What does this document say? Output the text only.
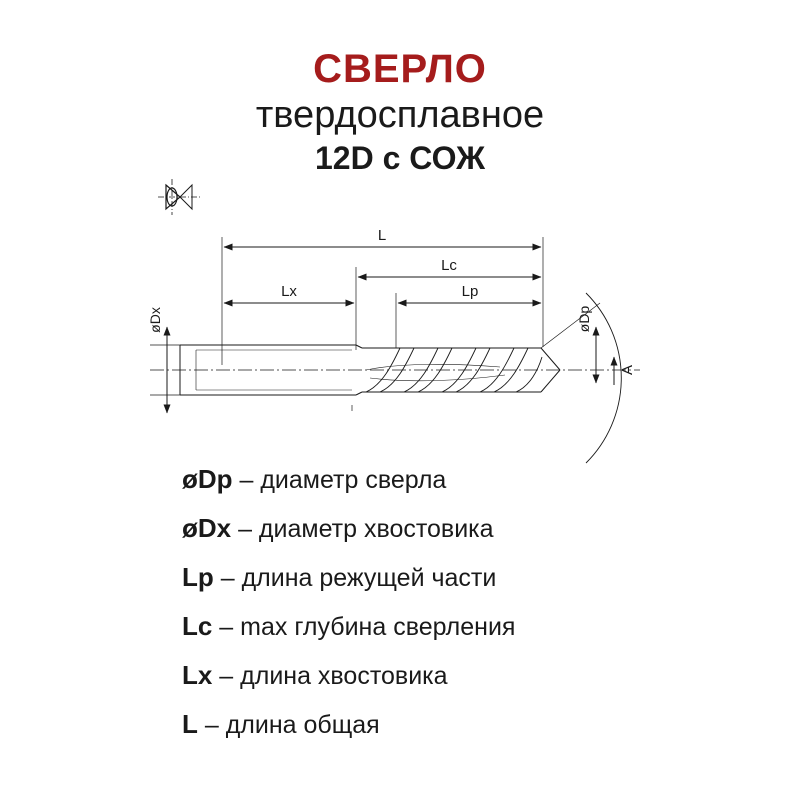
СВЕРЛО
твердосплавное
12D с СОЖ
L
Lc
Lx	Lp
øDx	øDp
A
øDp – диаметр сверла
øDx – диаметр хвостовика
Lp – длина режущей части
Lc – max глубина сверления
Lx – длина хвостовика
L – длина общая
